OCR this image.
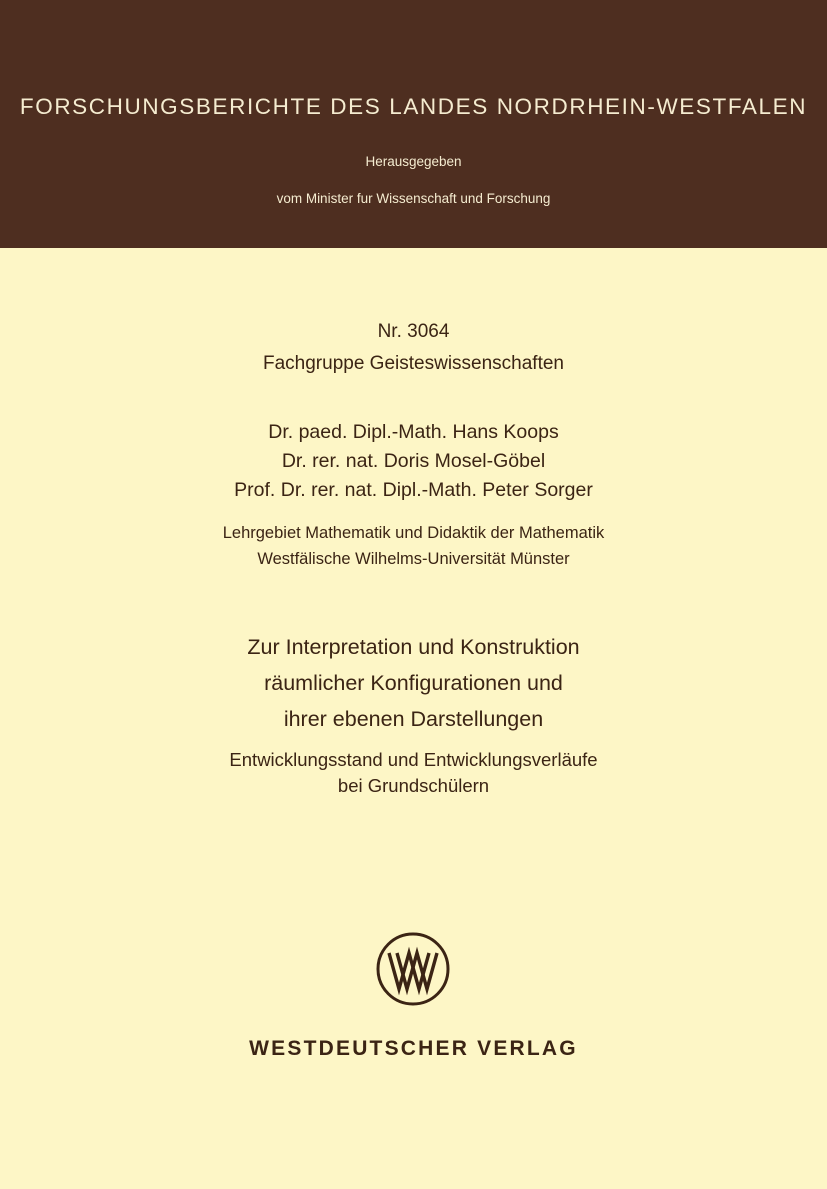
FORSCHUNGSBERICHTE DES LANDES NORDRHEIN-WESTFALEN
Herausgegeben
vom Minister fur Wissenschaft und Forschung
Nr. 3064
Fachgruppe Geisteswissenschaften
Dr. paed. Dipl.-Math. Hans Koops
Dr. rer. nat. Doris Mosel-Göbel
Prof. Dr. rer. nat. Dipl.-Math. Peter Sorger
Lehrgebiet Mathematik und Didaktik der Mathematik
Westfälische Wilhelms-Universität Münster
Zur Interpretation und Konstruktion
räumlicher Konfigurationen und
ihrer ebenen Darstellungen
Entwicklungsstand und Entwicklungsverläufe
bei Grundschülern
WESTDEUTSCHER VERLAG
